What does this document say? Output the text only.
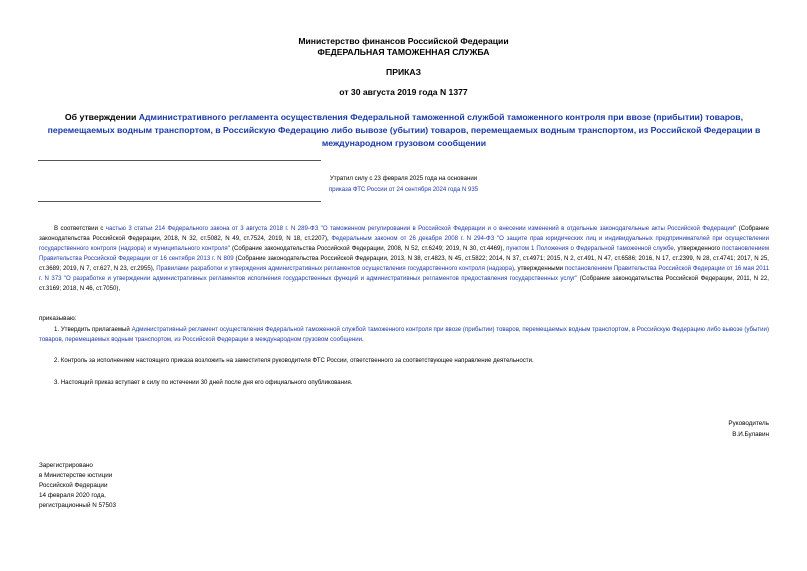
Министерство финансов Российской Федерации
ФЕДЕРАЛЬНАЯ ТАМОЖЕННАЯ СЛУЖБА
ПРИКАЗ
от 30 августа 2019 года N 1377
Об утверждении Административного регламента осуществления Федеральной таможенной службой таможенного контроля при ввозе (прибытии) товаров, перемещаемых водным транспортом, в Российскую Федерацию либо вывозе (убытии) товаров, перемещаемых водным транспортом, из Российской Федерации в международном грузовом сообщении
Утратил силу с 23 февраля 2025 года на основании
приказа ФТС России от 24 сентября 2024 года N 935
В соответствии с частью 3 статьи 214 Федерального закона от 3 августа 2018 г. N 289-ФЗ "О таможенном регулировании в Российской Федерации и о внесении изменений в отдельные законодательные акты Российской Федерации" (Собрание законодательства Российской Федерации, 2018, N 32, ст.5082, N 49, ст.7524, 2019, N 18, ст.2207), Федеральным законом от 26 декабря 2008 г. N 294-ФЗ "О защите прав юридических лиц и индивидуальных предпринимателей при осуществлении государственного контроля (надзора) и муниципального контроля" (Собрание законодательства Российской Федерации, 2008, N 52, ст.6249; 2019, N 30, ст.4469), пунктом 1 Положения о Федеральной таможенной службе, утвержденного постановлением Правительства Российской Федерации от 16 сентября 2013 г. N 809 (Собрание законодательства Российской Федерации, 2013, N 38, ст.4823, N 45, ст.5822; 2014, N 37, ст.4971; 2015, N 2, ст.491, N 47, ст.6586; 2016, N 17, ст.2399, N 28, ст.4741; 2017, N 25, ст.3689; 2019, N 7, ст.627, N 23, ст.2955), Правилами разработки и утверждения административных регламентов осуществления государственного контроля (надзора), утвержденными постановлением Правительства Российской Федерации от 16 мая 2011 г. N 373 "О разработке и утверждении административных регламентов исполнения государственных функций и административных регламентов предоставления государственных услуг" (Собрание законодательства Российской Федерации, 2011, N 22, ст.3169; 2018, N 46, ст.7050),
приказываю:
1. Утвердить прилагаемый Административный регламент осуществления Федеральной таможенной службой таможенного контроля при ввозе (прибытии) товаров, перемещаемых водным транспортом, в Российскую Федерацию либо вывозе (убытии) товаров, перемещаемых водным транспортом, из Российской Федерации в международном грузовом сообщении.
2. Контроль за исполнением настоящего приказа возложить на заместителя руководителя ФТС России, ответственного за соответствующее направление деятельности.
3. Настоящий приказ вступает в силу по истечении 30 дней после дня его официального опубликования.
Руководитель
В.И.Булавин
Зарегистрировано
в Министерстве юстиции
Российской Федерации
14 февраля 2020 года,
регистрационный N 57503
